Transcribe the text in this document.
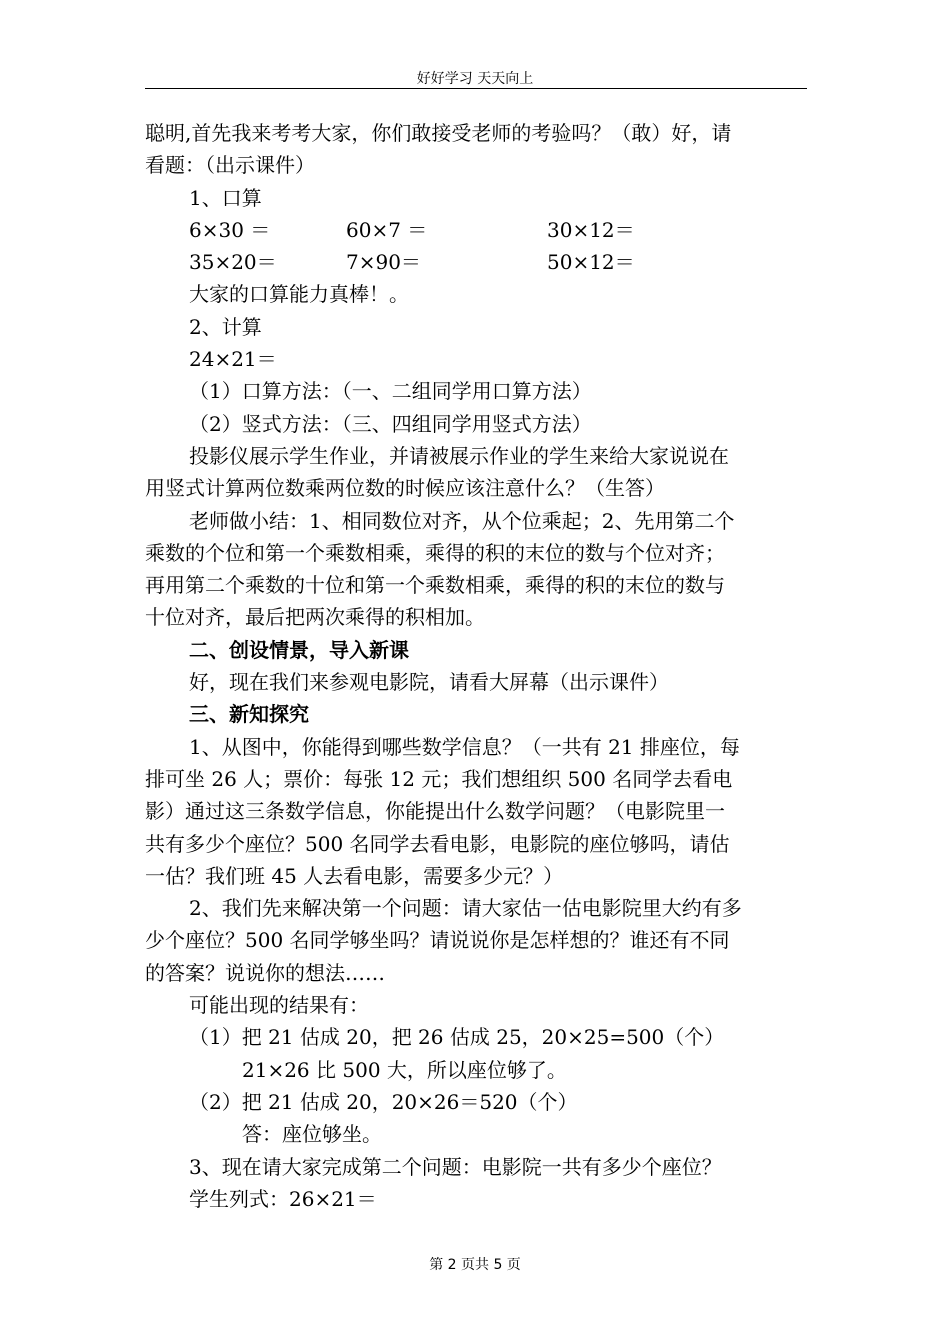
好好学习 天天向上
聪明,首先我来考考大家，你们敢接受老师的考验吗？（敢）好，请
看题：（出示课件）
1、口算
6×30 ＝	60×7 ＝	30×12＝
35×20＝	7×90＝	50×12＝
大家的口算能力真棒！。
2、计算
24×21＝
（1）口算方法：（一、二组同学用口算方法）
（2）竖式方法：（三、四组同学用竖式方法）
投影仪展示学生作业，并请被展示作业的学生来给大家说说在
用竖式计算两位数乘两位数的时候应该注意什么？（生答）
老师做小结：1、相同数位对齐，从个位乘起；2、先用第二个
乘数的个位和第一个乘数相乘，乘得的积的末位的数与个位对齐；
再用第二个乘数的十位和第一个乘数相乘，乘得的积的末位的数与
十位对齐，最后把两次乘得的积相加。
二、创设情景，导入新课
好，现在我们来参观电影院，请看大屏幕（出示课件）
三、新知探究
1、从图中，你能得到哪些数学信息？（一共有 21 排座位，每
排可坐 26 人；票价：每张 12 元；我们想组织 500 名同学去看电
影）通过这三条数学信息，你能提出什么数学问题？（电影院里一
共有多少个座位？500 名同学去看电影，电影院的座位够吗，请估
一估？我们班 45 人去看电影，需要多少元？）
2、我们先来解决第一个问题：请大家估一估电影院里大约有多
少个座位？500 名同学够坐吗？请说说你是怎样想的？谁还有不同
的答案？说说你的想法……
可能出现的结果有：
（1）把 21 估成 20，把 26 估成 25，20×25=500（个）
21×26 比 500 大，所以座位够了。
（2）把 21 估成 20，20×26＝520（个）
答：座位够坐。
3、现在请大家完成第二个问题：电影院一共有多少个座位？
学生列式：26×21＝
第 2 页共 5 页
